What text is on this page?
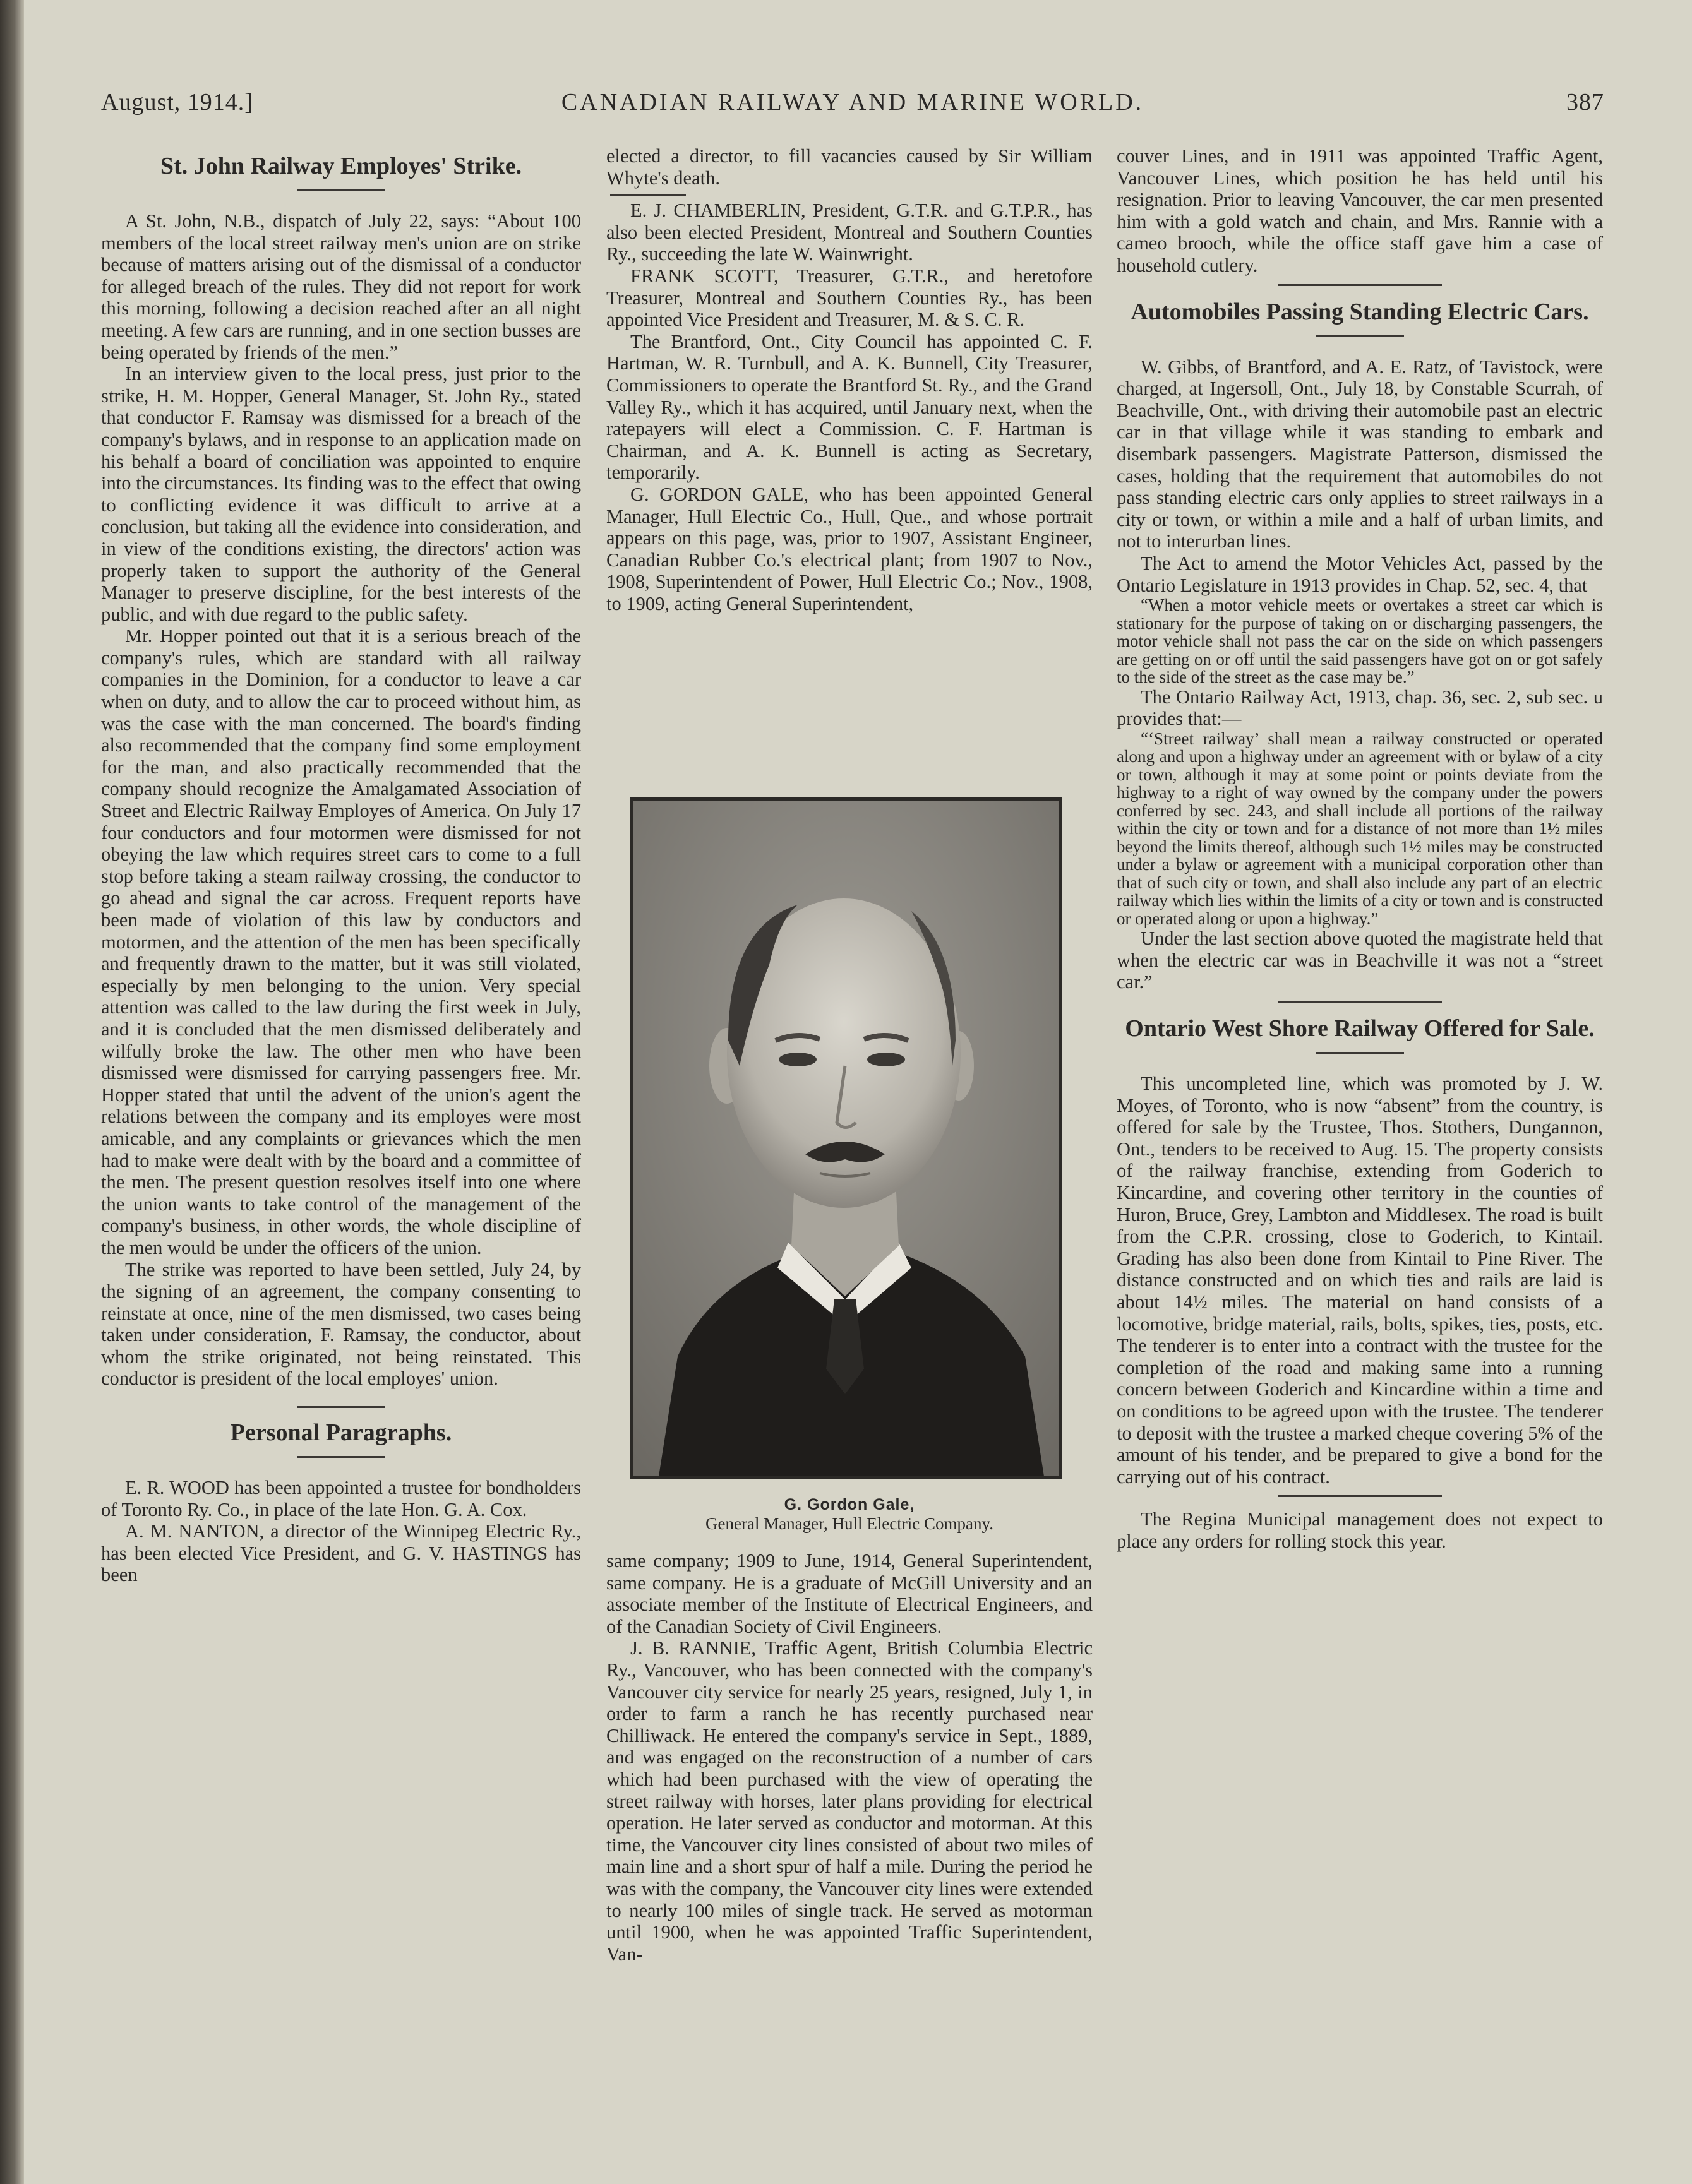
August, 1914.]	CANADIAN RAILWAY AND MARINE WORLD.	387
St. John Railway Employes' Strike.

A St. John, N.B., dispatch of July 22, says: “About 100 members of the local street railway men's union are on strike because of matters arising out of the dismissal of a conductor for alleged breach of the rules. They did not report for work this morning, following a decision reached after an all night meeting. A few cars are running, and in one section busses are being operated by friends of the men.”

In an interview given to the local press, just prior to the strike, H. M. Hopper, General Manager, St. John Ry., stated that conductor F. Ramsay was dismissed for a breach of the company's bylaws, and in response to an application made on his behalf a board of conciliation was appointed to enquire into the circumstances. Its finding was to the effect that owing to conflicting evidence it was difficult to arrive at a conclusion, but taking all the evidence into consideration, and in view of the conditions existing, the directors' action was properly taken to support the authority of the General Manager to preserve discipline, for the best interests of the public, and with due regard to the public safety.

Mr. Hopper pointed out that it is a serious breach of the company's rules, which are standard with all railway companies in the Dominion, for a conductor to leave a car when on duty, and to allow the car to proceed without him, as was the case with the man concerned. The board's finding also recommended that the company find some employment for the man, and also practically recommended that the company should recognize the Amalgamated Association of Street and Electric Railway Employes of America. On July 17 four conductors and four motormen were dismissed for not obeying the law which requires street cars to come to a full stop before taking a steam railway crossing, the conductor to go ahead and signal the car across. Frequent reports have been made of violation of this law by conductors and motormen, and the attention of the men has been specifically and frequently drawn to the matter, but it was still violated, especially by men belonging to the union. Very special attention was called to the law during the first week in July, and it is concluded that the men dismissed deliberately and wilfully broke the law. The other men who have been dismissed were dismissed for carrying passengers free. Mr. Hopper stated that until the advent of the union's agent the relations between the company and its employes were most amicable, and any complaints or grievances which the men had to make were dealt with by the board and a committee of the men. The present question resolves itself into one where the union wants to take control of the management of the company's business, in other words, the whole discipline of the men would be under the officers of the union.

The strike was reported to have been settled, July 24, by the signing of an agreement, the company consenting to reinstate at once, nine of the men dismissed, two cases being taken under consideration, F. Ramsay, the conductor, about whom the strike originated, not being reinstated. This conductor is president of the local employes' union.

Personal Paragraphs.

E. R. WOOD has been appointed a trustee for bondholders of Toronto Ry. Co., in place of the late Hon. G. A. Cox.

A. M. NANTON, a director of the Winnipeg Electric Ry., has been elected Vice President, and G. V. HASTINGS has been

elected a director, to fill vacancies caused by Sir William Whyte's death.

E. J. CHAMBERLIN, President, G.T.R. and G.T.P.R., has also been elected President, Montreal and Southern Counties Ry., succeeding the late W. Wainwright.

FRANK SCOTT, Treasurer, G.T.R., and heretofore Treasurer, Montreal and Southern Counties Ry., has been appointed Vice President and Treasurer, M. & S. C. R.

The Brantford, Ont., City Council has appointed C. F. Hartman, W. R. Turnbull, and A. K. Bunnell, City Treasurer, Commissioners to operate the Brantford St. Ry., and the Grand Valley Ry., which it has acquired, until January next, when the ratepayers will elect a Commission. C. F. Hartman is Chairman, and A. K. Bunnell is acting as Secretary, temporarily.

G. GORDON GALE, who has been appointed General Manager, Hull Electric Co., Hull, Que., and whose portrait appears on this page, was, prior to 1907, Assistant Engineer, Canadian Rubber Co.'s electrical plant; from 1907 to Nov., 1908, Superintendent of Power, Hull Electric Co.; Nov., 1908, to 1909, acting General Superintendent,

G. Gordon Gale,
General Manager, Hull Electric Company.

same company; 1909 to June, 1914, General Superintendent, same company. He is a graduate of McGill University and an associate member of the Institute of Electrical Engineers, and of the Canadian Society of Civil Engineers.

J. B. RANNIE, Traffic Agent, British Columbia Electric Ry., Vancouver, who has been connected with the company's Vancouver city service for nearly 25 years, resigned, July 1, in order to farm a ranch he has recently purchased near Chilliwack. He entered the company's service in Sept., 1889, and was engaged on the reconstruction of a number of cars which had been purchased with the view of operating the street railway with horses, later plans providing for electrical operation. He later served as conductor and motorman. At this time, the Vancouver city lines consisted of about two miles of main line and a short spur of half a mile. During the period he was with the company, the Vancouver city lines were extended to nearly 100 miles of single track. He served as motorman until 1900, when he was appointed Traffic Superintendent, Van-

couver Lines, and in 1911 was appointed Traffic Agent, Vancouver Lines, which position he has held until his resignation. Prior to leaving Vancouver, the car men presented him with a gold watch and chain, and Mrs. Rannie with a cameo brooch, while the office staff gave him a case of household cutlery.

Automobiles Passing Standing Electric Cars.

W. Gibbs, of Brantford, and A. E. Ratz, of Tavistock, were charged, at Ingersoll, Ont., July 18, by Constable Scurrah, of Beachville, Ont., with driving their automobile past an electric car in that village while it was standing to embark and disembark passengers. Magistrate Patterson, dismissed the cases, holding that the requirement that automobiles do not pass standing electric cars only applies to street railways in a city or town, or within a mile and a half of urban limits, and not to interurban lines.

The Act to amend the Motor Vehicles Act, passed by the Ontario Legislature in 1913 provides in Chap. 52, sec. 4, that

“When a motor vehicle meets or overtakes a street car which is stationary for the purpose of taking on or discharging passengers, the motor vehicle shall not pass the car on the side on which passengers are getting on or off until the said passengers have got on or got safely to the side of the street as the case may be.”

The Ontario Railway Act, 1913, chap. 36, sec. 2, sub sec. u provides that:—

“‘Street railway’ shall mean a railway constructed or operated along and upon a highway under an agreement with or bylaw of a city or town, although it may at some point or points deviate from the highway to a right of way owned by the company under the powers conferred by sec. 243, and shall include all portions of the railway within the city or town and for a distance of not more than 1½ miles beyond the limits thereof, although such 1½ miles may be constructed under a bylaw or agreement with a municipal corporation other than that of such city or town, and shall also include any part of an electric railway which lies within the limits of a city or town and is constructed or operated along or upon a highway.”

Under the last section above quoted the magistrate held that when the electric car was in Beachville it was not a “street car.”

Ontario West Shore Railway Offered for Sale.

This uncompleted line, which was promoted by J. W. Moyes, of Toronto, who is now “absent” from the country, is offered for sale by the Trustee, Thos. Stothers, Dungannon, Ont., tenders to be received to Aug. 15. The property consists of the railway franchise, extending from Goderich to Kincardine, and covering other territory in the counties of Huron, Bruce, Grey, Lambton and Middlesex. The road is built from the C.P.R. crossing, close to Goderich, to Kintail. Grading has also been done from Kintail to Pine River. The distance constructed and on which ties and rails are laid is about 14½ miles. The material on hand consists of a locomotive, bridge material, rails, bolts, spikes, ties, posts, etc. The tenderer is to enter into a contract with the trustee for the completion of the road and making same into a running concern between Goderich and Kincardine within a time and on conditions to be agreed upon with the trustee. The tenderer to deposit with the trustee a marked cheque covering 5% of the amount of his tender, and be prepared to give a bond for the carrying out of his contract.

The Regina Municipal management does not expect to place any orders for rolling stock this year.
